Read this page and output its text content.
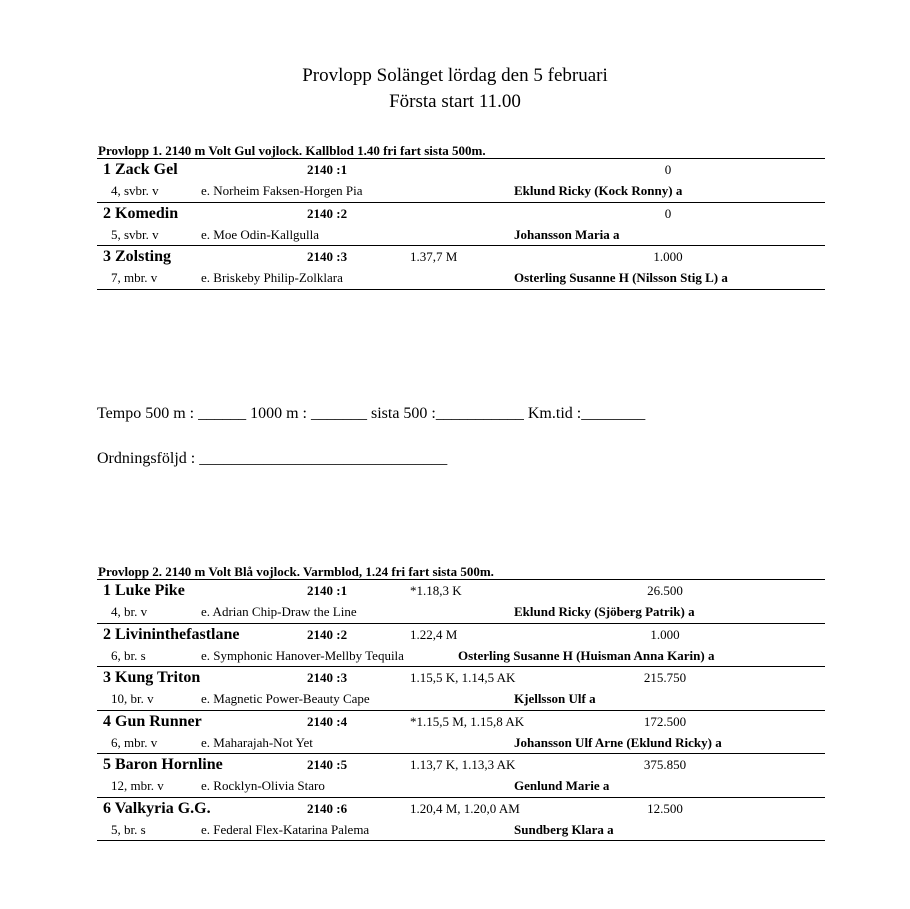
Provlopp Solänget lördag den 5 februari
Första start 11.00
Provlopp 1. 2140 m Volt Gul vojlock. Kallblod 1.40 fri fart sista 500m.
1 Zack Gel	2140 :1	0
4, svbr. v	e. Norheim Faksen-Horgen Pia	Eklund Ricky (Kock Ronny) a
2 Komedin	2140 :2	0
5, svbr. v	e. Moe Odin-Kallgulla	Johansson Maria a
3 Zolsting	2140 :3	1.37,7 M	1.000
7, mbr. v	e. Briskeby Philip-Zolklara	Osterling Susanne H (Nilsson Stig L) a
Tempo 500 m : ______ 1000 m : _______ sista 500 :___________ Km.tid :________
Ordningsföljd : _______________________________
Provlopp 2. 2140 m Volt Blå vojlock. Varmblod, 1.24 fri fart sista 500m.
1 Luke Pike	2140 :1	*1.18,3 K	26.500
4, br. v	e. Adrian Chip-Draw the Line	Eklund Ricky (Sjöberg Patrik) a
2 Livininthefastlane	2140 :2	1.22,4 M	1.000
6, br. s	e. Symphonic Hanover-Mellby Tequila	Osterling Susanne H (Huisman Anna Karin) a
3 Kung Triton	2140 :3	1.15,5 K, 1.14,5 AK	215.750
10, br. v	e. Magnetic Power-Beauty Cape	Kjellsson Ulf a
4 Gun Runner	2140 :4	*1.15,5 M, 1.15,8 AK	172.500
6, mbr. v	e. Maharajah-Not Yet	Johansson Ulf Arne (Eklund Ricky) a
5 Baron Hornline	2140 :5	1.13,7 K, 1.13,3 AK	375.850
12, mbr. v	e. Rocklyn-Olivia Staro	Genlund Marie a
6 Valkyria G.G.	2140 :6	1.20,4 M, 1.20,0 AM	12.500
5, br. s	e. Federal Flex-Katarina Palema	Sundberg Klara a
